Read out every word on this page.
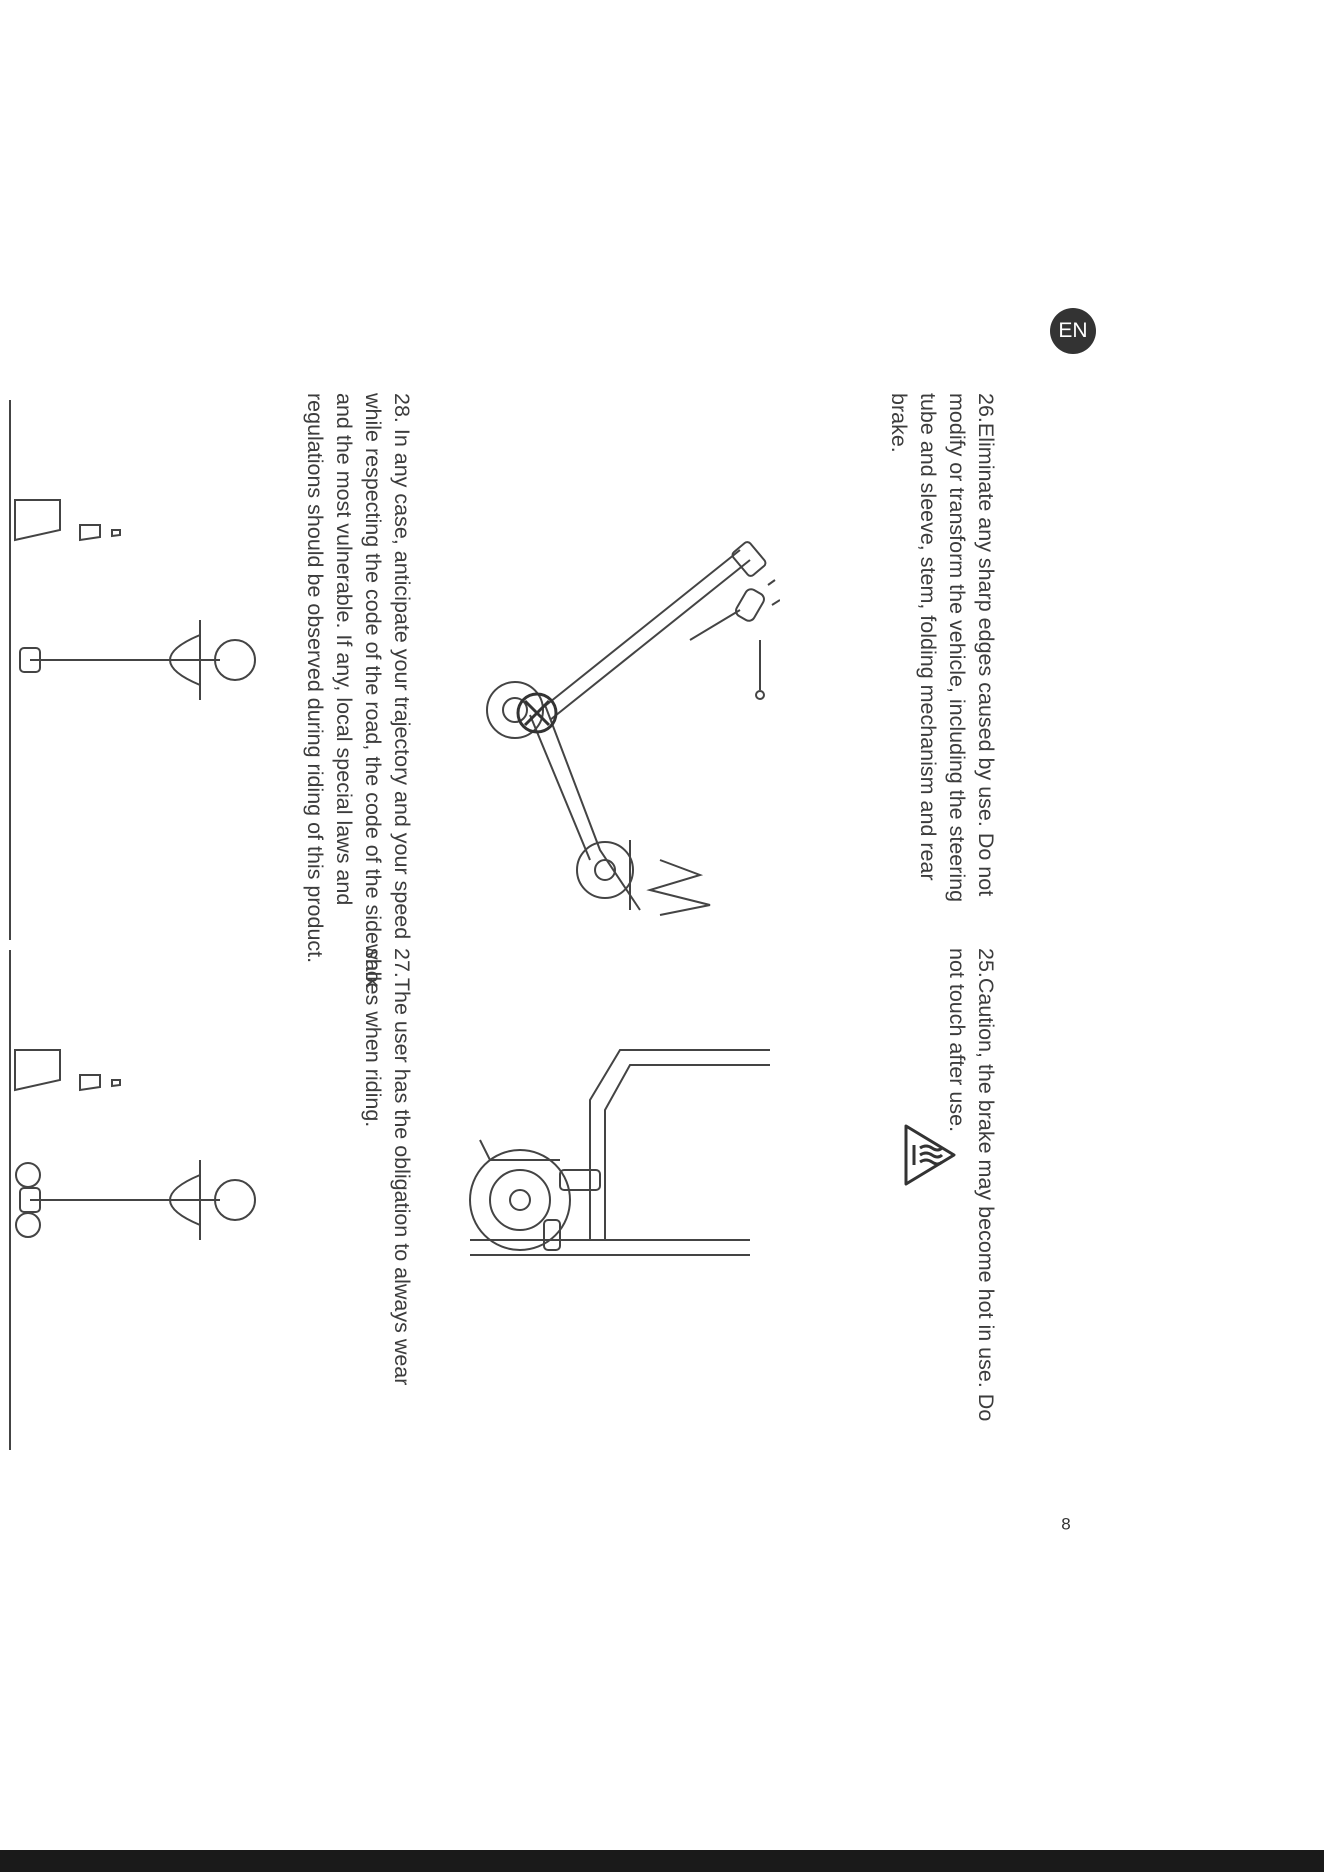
EN
26.Eliminate any sharp edges caused by use. Do not modify or transform the vehicle, including the steering tube and sleeve, stem, folding mechanism and rear brake.
25.Caution, the brake may become hot in use. Do not touch after use.
28. In any case, anticipate your trajectory and your speed while respecting the code of the road, the code of the sidewalk and the most vulnerable. If any, local special laws and regulations should be observed during riding of this product.	27.The user has the obligation to always wear shoes when riding.
8
